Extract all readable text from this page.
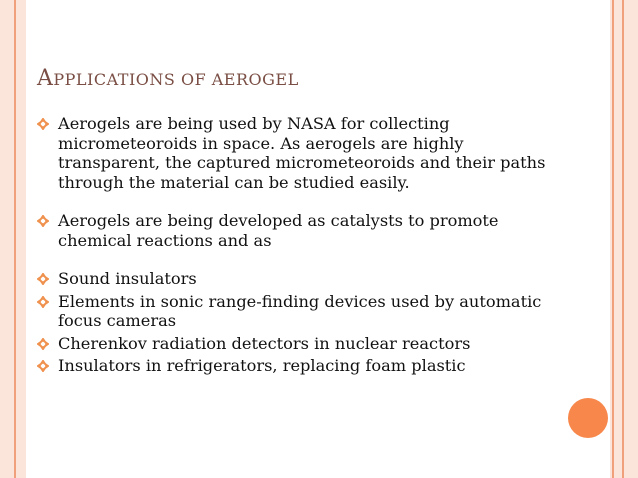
APPLICATIONS OF AEROGEL
Aerogels are being used by NASA for collecting micrometeoroids in space. As aerogels are highly transparent, the captured micrometeoroids and their paths through the material can be studied easily.
Aerogels are being developed as catalysts to promote chemical reactions and as
Sound insulators
Elements in sonic range-finding devices used by automatic focus cameras
Cherenkov radiation detectors in nuclear reactors
Insulators in refrigerators, replacing foam plastic
